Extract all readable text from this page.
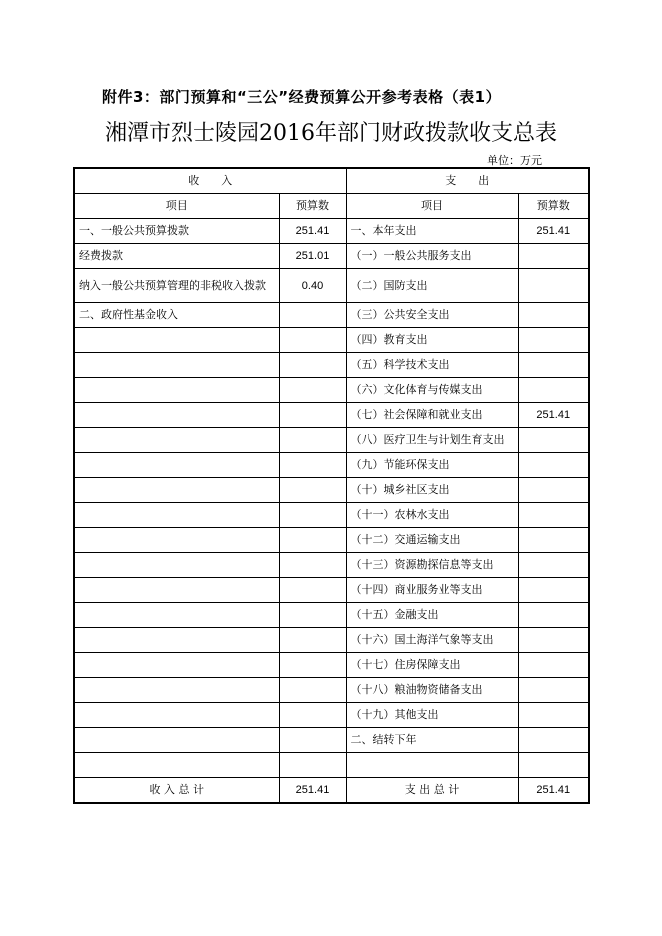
附件3：部门预算和“三公”经费预算公开参考表格（表1）
湘潭市烈士陵园2016年部门财政拨款收支总表
单位：万元
收　　入		支　　出	
项目	预算数	项目	预算数
一、一般公共预算拨款	251.41	一、本年支出	251.41
经费拨款	251.01	（一）一般公共服务支出	
纳入一般公共预算管理的非税收入拨款	0.40	（二）国防支出	
二、政府性基金收入		（三）公共安全支出	
		（四）教育支出	
		（五）科学技术支出	
		（六）文化体育与传媒支出	
		（七）社会保障和就业支出	251.41
		（八）医疗卫生与计划生育支出	
		（九）节能环保支出	
		（十）城乡社区支出	
		（十一）农林水支出	
		（十二）交通运输支出	
		（十三）资源勘探信息等支出	
		（十四）商业服务业等支出	
		（十五）金融支出	
		（十六）国土海洋气象等支出	
		（十七）住房保障支出	
		（十八）粮油物资储备支出	
		（十九）其他支出	
		二、结转下年	

收 入 总 计	251.41	支 出 总 计	251.41
